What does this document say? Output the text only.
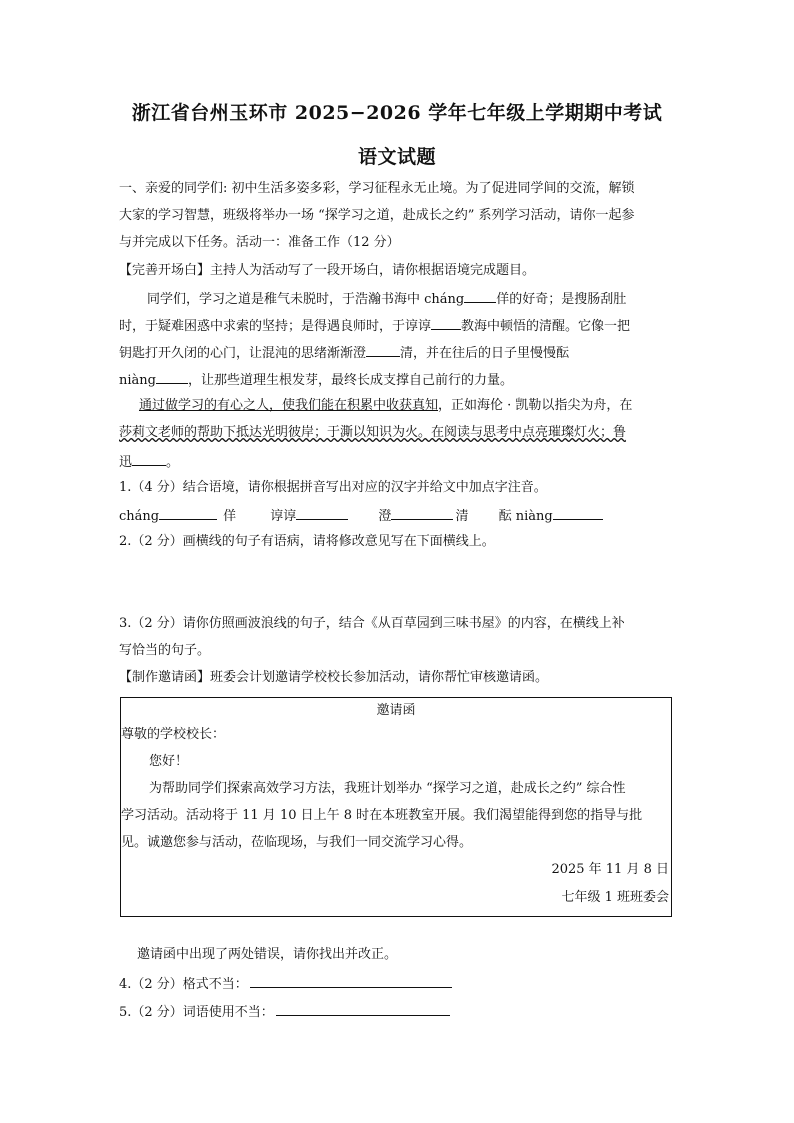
浙江省台州玉环市 2025−2026 学年七年级上学期期中考试
语文试题
一、亲爱的同学们: 初中生活多姿多彩，学习征程永无止境。为了促进同学间的交流，解锁
大家的学习智慧，班级将举办一场 “探学习之道，赴成长之约” 系列学习活动，请你一起参
与并完成以下任务。活动一：准备工作（12 分）
【完善开场白】主持人为活动写了一段开场白，请你根据语境完成题目。
同学们，学习之道是稚气未脱时，于浩瀚书海中 cháng 佯的好奇；是搜肠刮肚
时，于疑难困惑中求索的坚持；是得遇良师时，于谆谆 教海中顿悟的清醒。它像一把
钥匙打开久闭的心门，让混沌的思绪渐渐澄	清，并在往后的日子里慢慢酝
niàng ，让那些道理生根发芽，最终长成支撑自己前行的力量。
通过做学习的有心之人，使我们能在积累中收获真知，正如海伦 · 凯勒以指尖为舟，在
莎莉文老师的帮助下抵达光明彼岸；于澌以知识为火。在阅读与思考中点亮璀璨灯火；鲁
迅	。
1.（4 分）结合语境，请你根据拼音写出对应的汉字并给文中加点字注音。
cháng	佯	谆谆	澄	清 酝 niàng
2.（2 分）画横线的句子有语病，请将修改意见写在下面横线上。
3.（2 分）请你仿照画波浪线的句子，结合《从百草园到三味书屋》的内容，在横线上补
写恰当的句子。
【制作邀请函】班委会计划邀请学校校长参加活动，请你帮忙审核邀请函。
邀请函
尊敬的学校校长：
您好！
为帮助同学们探索高效学习方法，我班计划举办 “探学习之道，赴成长之约” 综合性
学习活动。活动将于 11 月 10 日上午 8 时在本班教室开展。我们渴望能得到您的指导与批
见。诚邀您参与活动，莅临现场，与我们一同交流学习心得。
2025 年 11 月 8 日
七年级 1 班班委会
邀请函中出现了两处错误，请你找出并改正。
4.（2 分）格式不当：
5.（2 分）词语使用不当：
